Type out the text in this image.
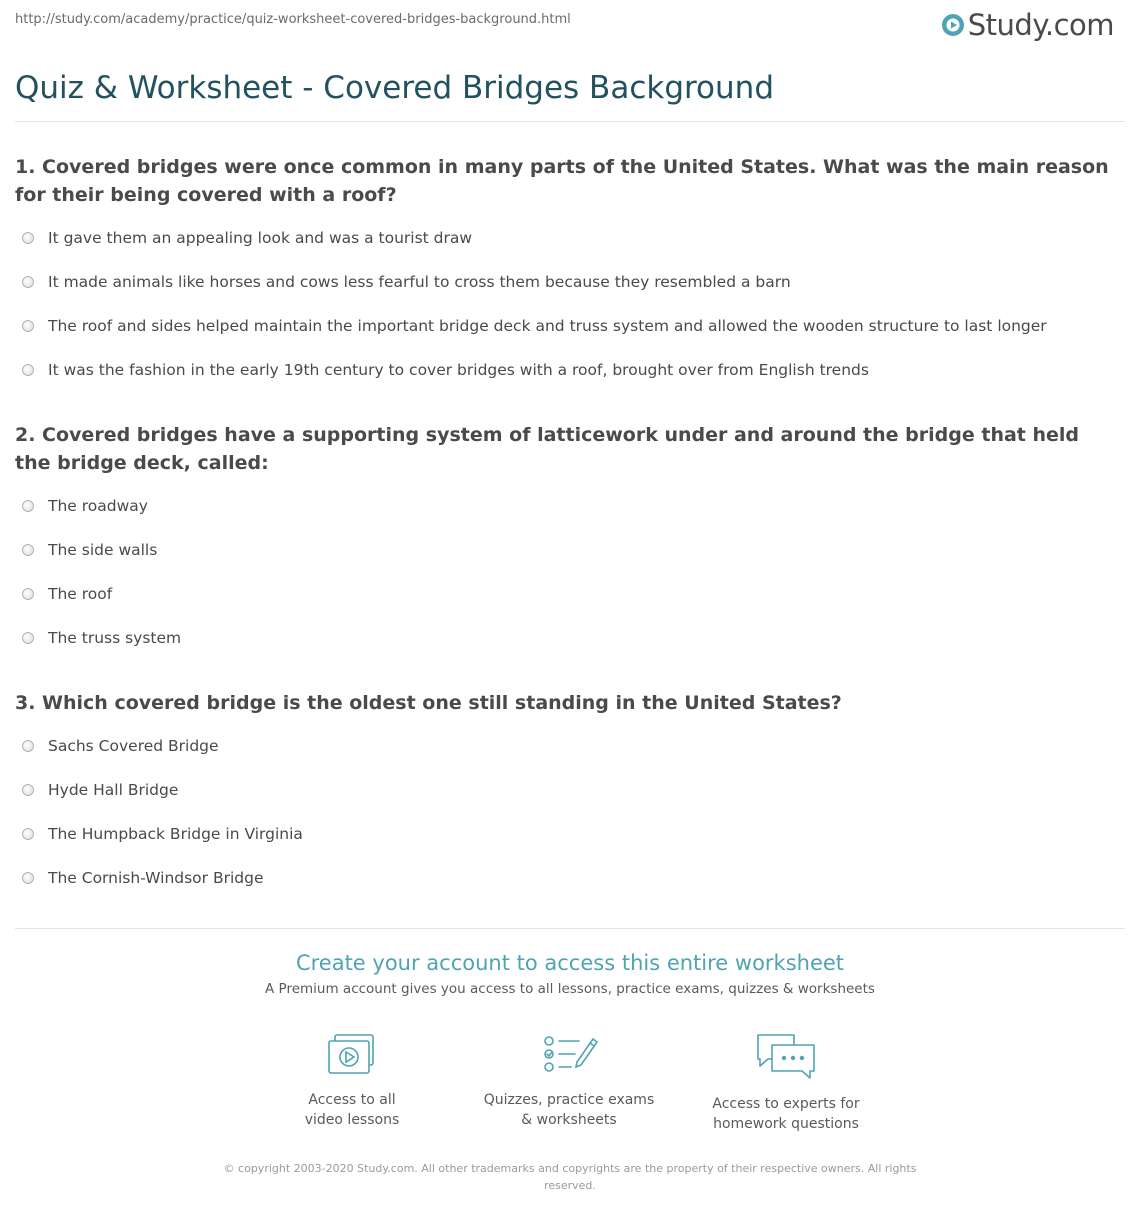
http://study.com/academy/practice/quiz-worksheet-covered-bridges-background.html	Study.com
Quiz & Worksheet - Covered Bridges Background

1. Covered bridges were once common in many parts of the United States. What was the main reason for their being covered with a roof?

It gave them an appealing look and was a tourist draw
It made animals like horses and cows less fearful to cross them because they resembled a barn
The roof and sides helped maintain the important bridge deck and truss system and allowed the wooden structure to last longer
It was the fashion in the early 19th century to cover bridges with a roof, brought over from English trends

2. Covered bridges have a supporting system of latticework under and around the bridge that held the bridge deck, called:

The roadway
The side walls
The roof
The truss system

3. Which covered bridge is the oldest one still standing in the United States?

Sachs Covered Bridge
Hyde Hall Bridge
The Humpback Bridge in Virginia
The Cornish-Windsor Bridge
Create your account to access this entire worksheet
A Premium account gives you access to all lessons, practice exams, quizzes & worksheets
Access to all
video lessons
Quizzes, practice exams
& worksheets
Access to experts for
homework questions
© copyright 2003-2020 Study.com. All other trademarks and copyrights are the property of their respective owners. All rights
reserved.
